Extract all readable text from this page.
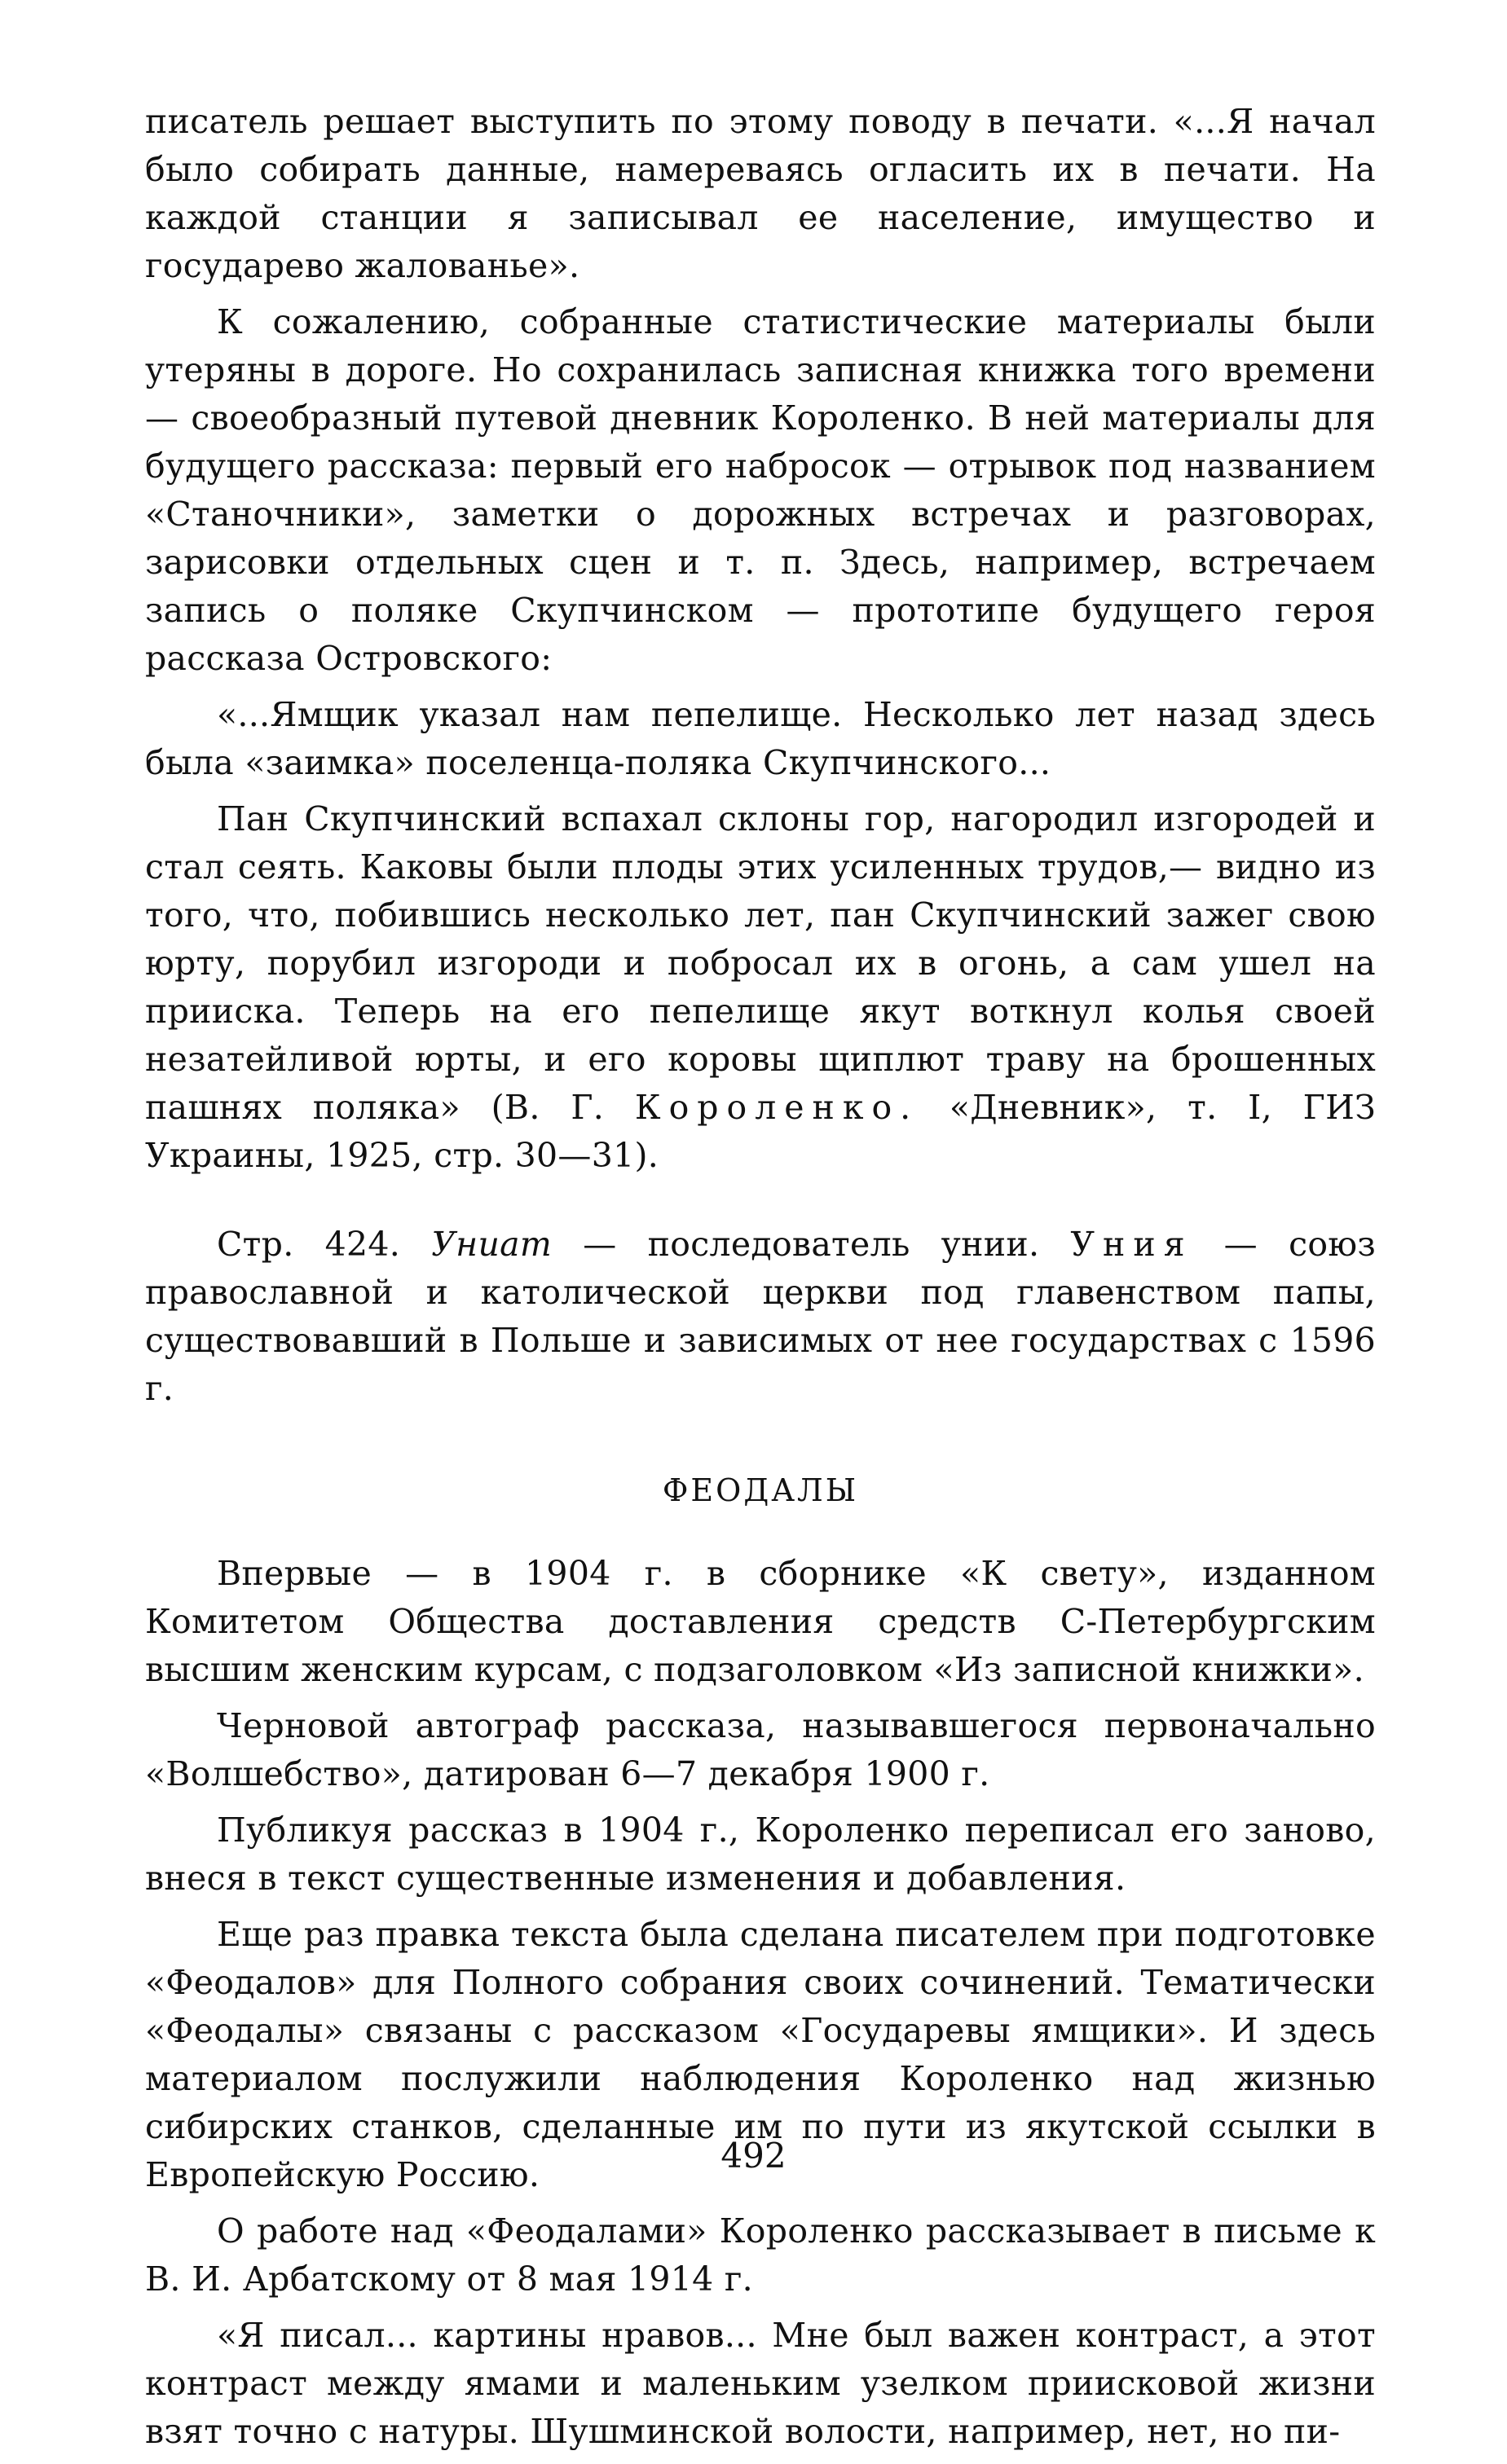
писатель решает выступить по этому поводу в печати. «...Я начал было собирать данные, намереваясь огласить их в печати. На каждой станции я записывал ее население, имущество и государево жалованье».

К сожалению, собранные статистические материалы были утеряны в дороге. Но сохранилась записная книжка того времени — своеобразный путевой дневник Короленко. В ней материалы для будущего рассказа: первый его набросок — отрывок под названием «Станочники», заметки о дорожных встречах и разговорах, зарисовки отдельных сцен и т. п. Здесь, например, встречаем запись о поляке Скупчинском — прототипе будущего героя рассказа Островского:

«...Ямщик указал нам пепелище. Несколько лет назад здесь была «заимка» поселенца-поляка Скупчинского...

Пан Скупчинский вспахал склоны гор, нагородил изгородей и стал сеять. Каковы были плоды этих усиленных трудов,— видно из того, что, побившись несколько лет, пан Скупчинский зажег свою юрту, порубил изгороди и побросал их в огонь, а сам ушел на прииска. Теперь на его пепелище якут воткнул колья своей незатейливой юрты, и его коровы щиплют траву на брошенных пашнях поляка» (В. Г. Короленко. «Дневник», т. I, ГИЗ Украины, 1925, стр. 30—31).

Стр. 424. Униат — последователь унии. Уния — союз православной и католической церкви под главенством папы, существовавший в Польше и зависимых от нее государствах с 1596 г.

ФЕОДАЛЫ

Впервые — в 1904 г. в сборнике «К свету», изданном Комитетом Общества доставления средств С-Петербургским высшим женским курсам, с подзаголовком «Из записной книжки».

Черновой автограф рассказа, называвшегося первоначально «Волшебство», датирован 6—7 декабря 1900 г.

Публикуя рассказ в 1904 г., Короленко переписал его заново, внеся в текст существенные изменения и добавления.

Еще раз правка текста была сделана писателем при подготовке «Феодалов» для Полного собрания своих сочинений. Тематически «Феодалы» связаны с рассказом «Государевы ямщики». И здесь материалом послужили наблюдения Короленко над жизнью сибирских станков, сделанные им по пути из якутской ссылки в Европейскую Россию.

О работе над «Феодалами» Короленко рассказывает в письме к В. И. Арбатскому от 8 мая 1914 г.

«Я писал... картины нравов... Мне был важен контраст, а этот контраст между ямами и маленьким узелком приисковой жизни взят точно с натуры. Шушминской волости, например, нет, но пи-

492
